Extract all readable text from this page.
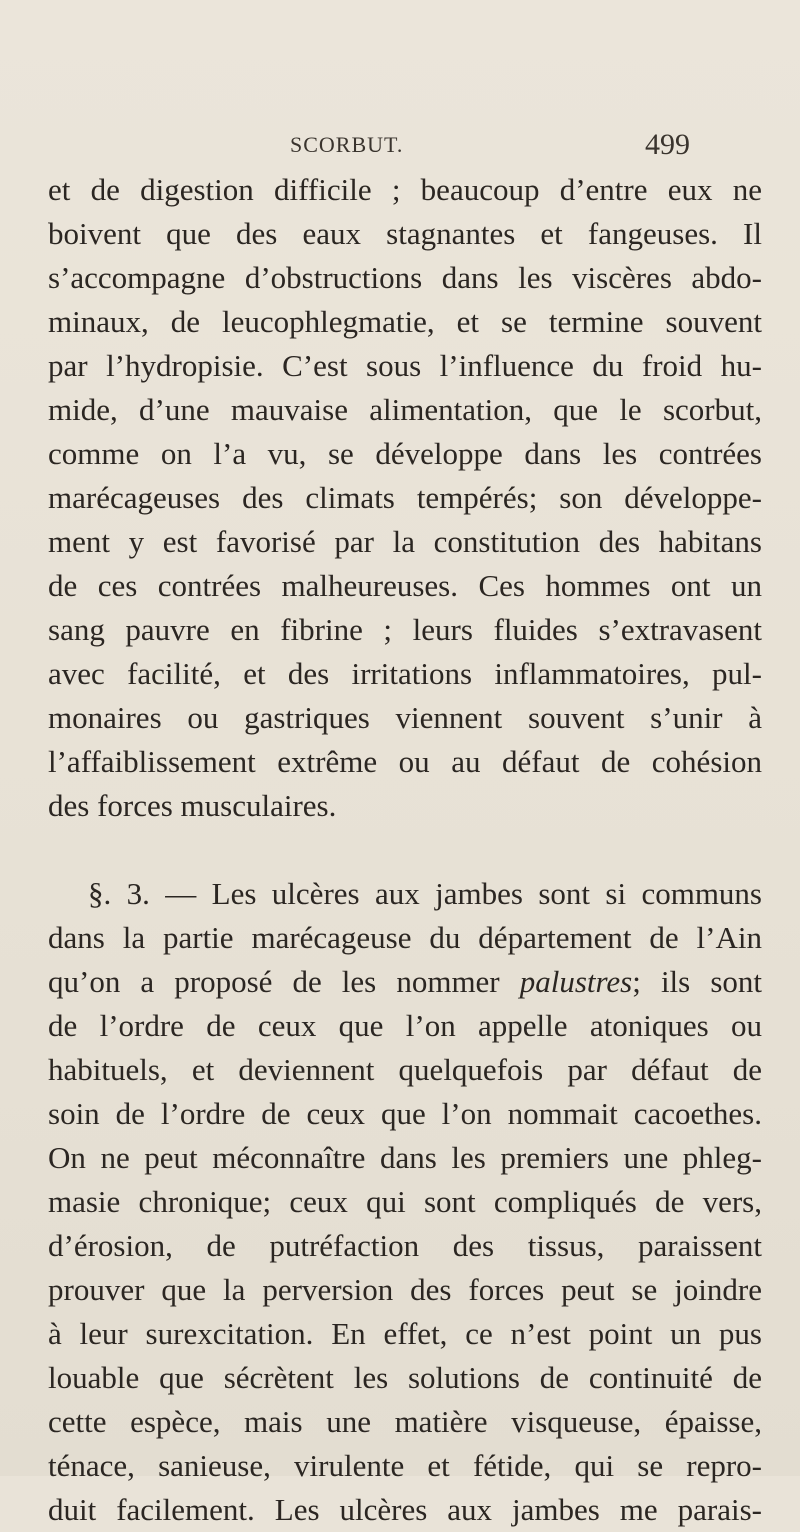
SCORBUT.	499
et de digestion difficile ; beaucoup d’entre eux ne
boivent que des eaux stagnantes et fangeuses. Il
s’accompagne d’obstructions dans les viscères abdo-
minaux, de leucophlegmatie, et se termine souvent
par l’hydropisie. C’est sous l’influence du froid hu-
mide, d’une mauvaise alimentation, que le scorbut,
comme on l’a vu, se développe dans les contrées
marécageuses des climats tempérés; son développe-
ment y est favorisé par la constitution des habitans
de ces contrées malheureuses. Ces hommes ont un
sang pauvre en fibrine ; leurs fluides s’extravasent
avec facilité, et des irritations inflammatoires, pul-
monaires ou gastriques viennent souvent s’unir à
l’affaiblissement extrême ou au défaut de cohésion
des forces musculaires.
§. 3. — Les ulcères aux jambes sont si communs
dans la partie marécageuse du département de l’Ain
qu’on a proposé de les nommer palustres; ils sont
de l’ordre de ceux que l’on appelle atoniques ou
habituels, et deviennent quelquefois par défaut de
soin de l’ordre de ceux que l’on nommait cacoethes.
On ne peut méconnaître dans les premiers une phleg-
masie chronique; ceux qui sont compliqués de vers,
d’érosion, de putréfaction des tissus, paraissent
prouver que la perversion des forces peut se joindre
à leur surexcitation. En effet, ce n’est point un pus
louable que sécrètent les solutions de continuité de
cette espèce, mais une matière visqueuse, épaisse,
ténace, sanieuse, virulente et fétide, qui se repro-
duit facilement. Les ulcères aux jambes me parais-
